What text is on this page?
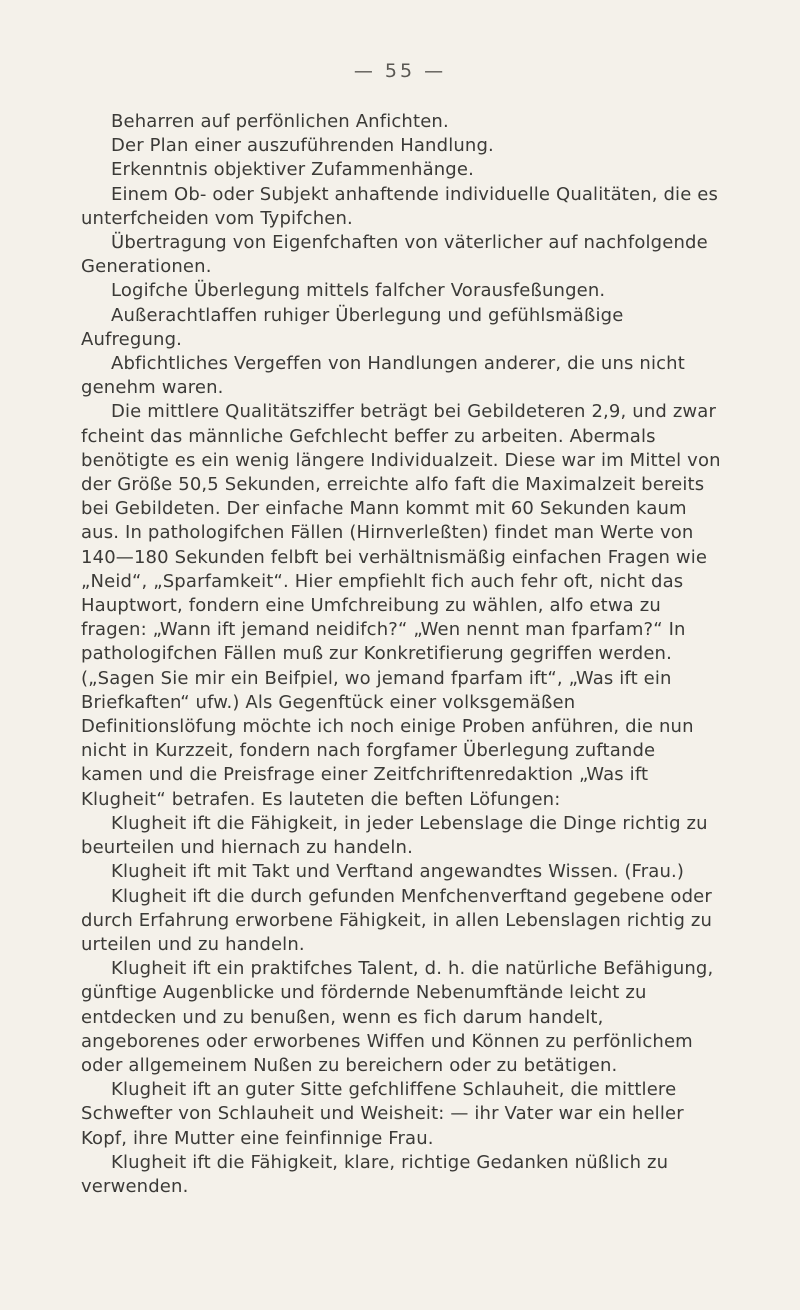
— 55 —

Beharren auf perfönlichen Anfichten.

Der Plan einer auszuführenden Handlung.

Erkenntnis objektiver Zufammenhänge.

Einem Ob- oder Subjekt anhaftende individuelle Qualitäten, die es unterfcheiden vom Typifchen.

Übertragung von Eigenfchaften von väterlicher auf nachfolgende Generationen.

Logifche Überlegung mittels falfcher Vorausfeßungen.

Außerachtlaffen ruhiger Überlegung und gefühlsmäßige Aufregung.

Abfichtliches Vergeffen von Handlungen anderer, die uns nicht genehm waren.

Die mittlere Qualitätsziffer beträgt bei Gebildeteren 2,9, und zwar fcheint das männliche Gefchlecht beffer zu arbeiten. Abermals benötigte es ein wenig längere Individualzeit. Diese war im Mittel von der Größe 50,5 Sekunden, erreichte alfo faft die Maximalzeit bereits bei Gebildeten. Der einfache Mann kommt mit 60 Sekunden kaum aus. In pathologifchen Fällen (Hirnverleßten) findet man Werte von 140—180 Sekunden felbft bei verhältnismäßig einfachen Fragen wie „Neid“, „Sparfamkeit“. Hier empfiehlt fich auch fehr oft, nicht das Hauptwort, fondern eine Umfchreibung zu wählen, alfo etwa zu fragen: „Wann ift jemand neidifch?“ „Wen nennt man fparfam?“ In pathologifchen Fällen muß zur Konkretifierung gegriffen werden. („Sagen Sie mir ein Beifpiel, wo jemand fparfam ift“, „Was ift ein Briefkaften“ ufw.) Als Gegenftück einer volksgemäßen Definitionslöfung möchte ich noch einige Proben anführen, die nun nicht in Kurzzeit, fondern nach forgfamer Überlegung zuftande kamen und die Preisfrage einer Zeitfchriftenredaktion „Was ift Klugheit“ betrafen. Es lauteten die beften Löfungen:

Klugheit ift die Fähigkeit, in jeder Lebenslage die Dinge richtig zu beurteilen und hiernach zu handeln.

Klugheit ift mit Takt und Verftand angewandtes Wissen. (Frau.)

Klugheit ift die durch gefunden Menfchenverftand gegebene oder durch Erfahrung erworbene Fähigkeit, in allen Lebenslagen richtig zu urteilen und zu handeln.

Klugheit ift ein praktifches Talent, d. h. die natürliche Befähigung, günftige Augenblicke und fördernde Nebenumftände leicht zu entdecken und zu benußen, wenn es fich darum handelt, angeborenes oder erworbenes Wiffen und Können zu perfönlichem oder allgemeinem Nußen zu bereichern oder zu betätigen.

Klugheit ift an guter Sitte gefchliffene Schlauheit, die mittlere Schwefter von Schlauheit und Weisheit: — ihr Vater war ein heller Kopf, ihre Mutter eine feinfinnige Frau.

Klugheit ift die Fähigkeit, klare, richtige Gedanken nüßlich zu verwenden.
